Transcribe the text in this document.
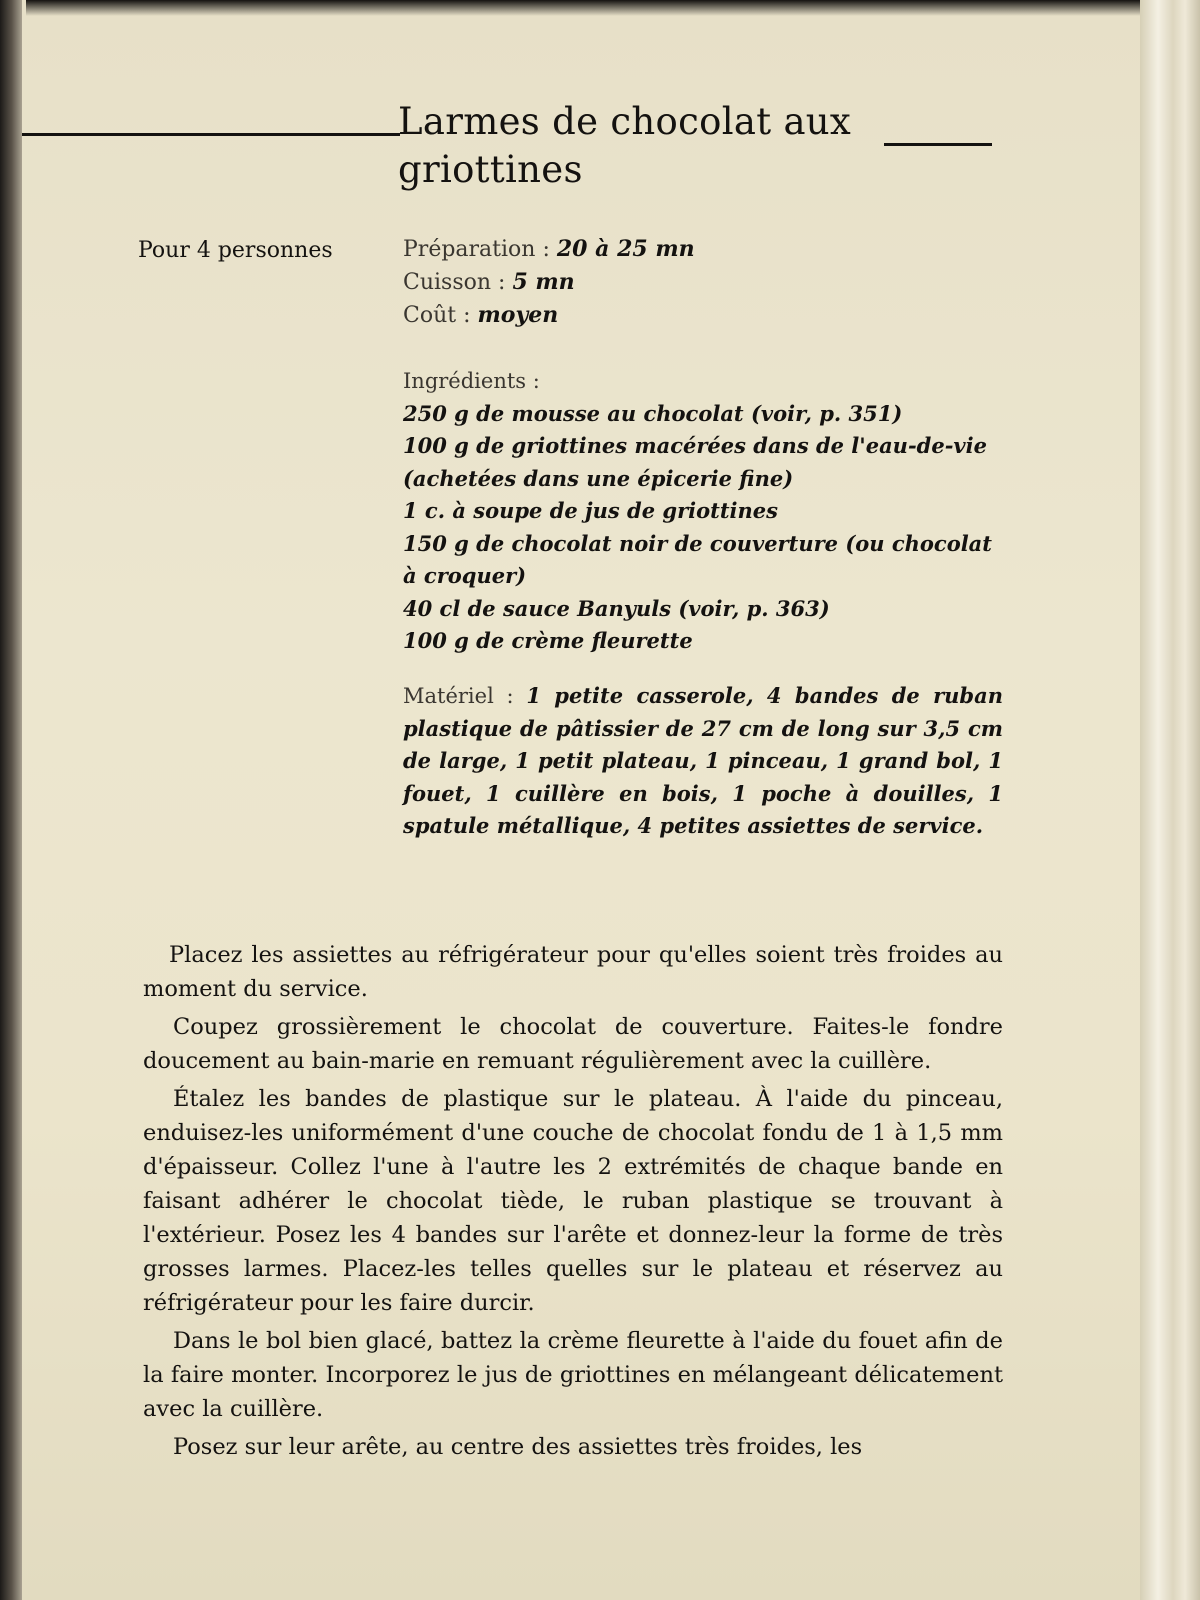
Larmes de chocolat aux griottines
Pour 4 personnes	Préparation : 20 à 25 mn
Cuisson : 5 mn
Coût : moyen
Ingrédients :
250 g de mousse au chocolat (voir, p. 351)
100 g de griottines macérées dans de l'eau-de-vie (achetées dans une épicerie fine)
1 c. à soupe de jus de griottines
150 g de chocolat noir de couverture (ou chocolat à croquer)
40 cl de sauce Banyuls (voir, p. 363)
100 g de crème fleurette
Matériel : 1 petite casserole, 4 bandes de ruban plastique de pâtissier de 27 cm de long sur 3,5 cm de large, 1 petit plateau, 1 pinceau, 1 grand bol, 1 fouet, 1 cuillère en bois, 1 poche à douilles, 1 spatule métallique, 4 petites assiettes de service.

Placez les assiettes au réfrigérateur pour qu'elles soient très froides au moment du service.

Coupez grossièrement le chocolat de couverture. Faites-le fondre doucement au bain-marie en remuant régulièrement avec la cuillère.

Étalez les bandes de plastique sur le plateau. À l'aide du pinceau, enduisez-les uniformément d'une couche de chocolat fondu de 1 à 1,5 mm d'épaisseur. Collez l'une à l'autre les 2 extrémités de chaque bande en faisant adhérer le chocolat tiède, le ruban plastique se trouvant à l'extérieur. Posez les 4 bandes sur l'arête et donnez-leur la forme de très grosses larmes. Placez-les telles quelles sur le plateau et réservez au réfrigérateur pour les faire durcir.

Dans le bol bien glacé, battez la crème fleurette à l'aide du fouet afin de la faire monter. Incorporez le jus de griottines en mélangeant délicatement avec la cuillère.

Posez sur leur arête, au centre des assiettes très froides, les
